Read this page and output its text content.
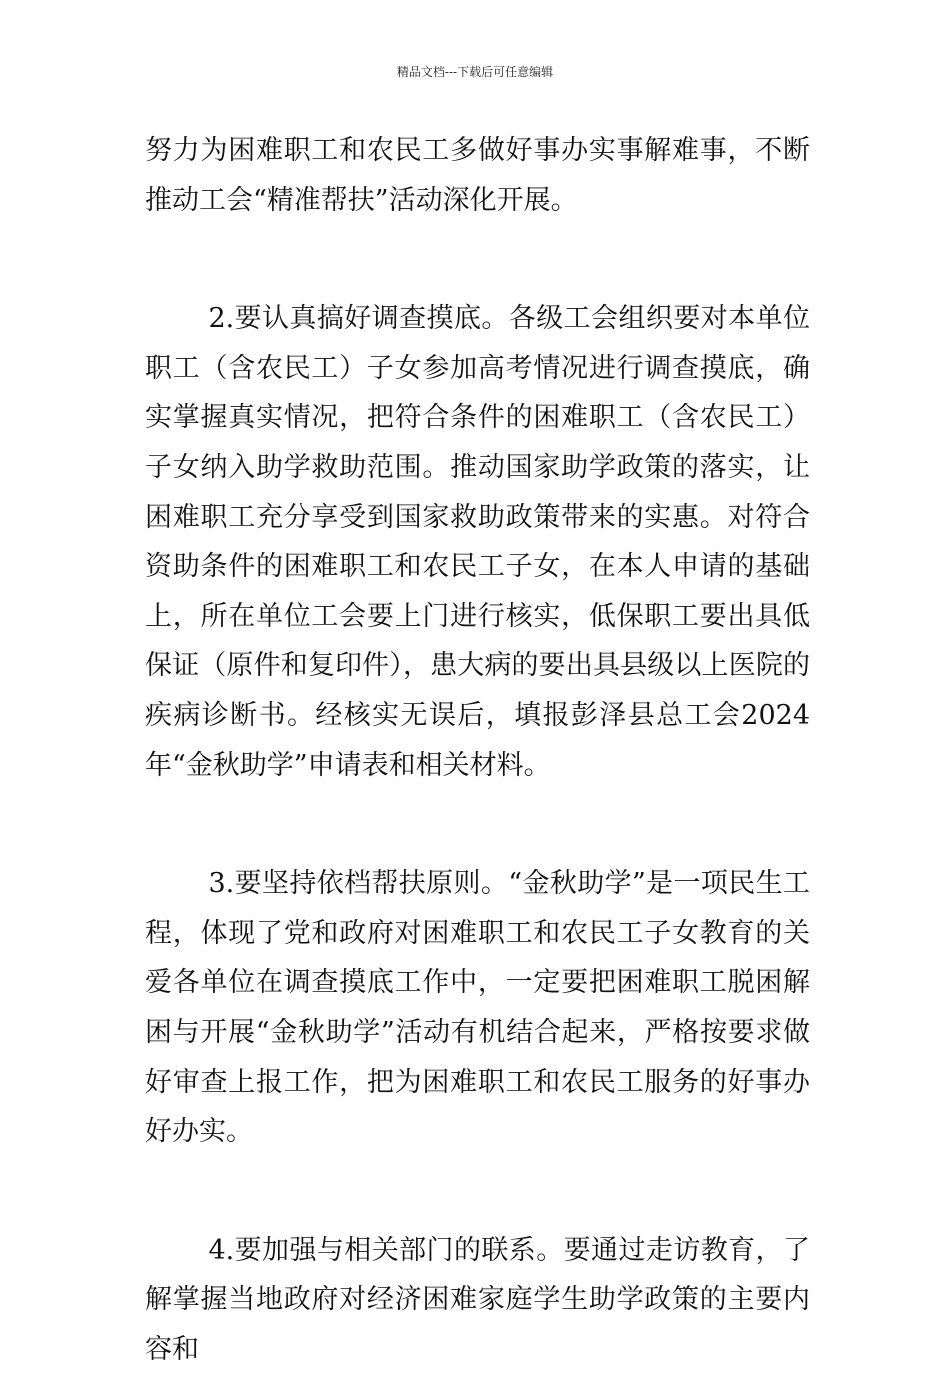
精品文档---下载后可任意编辑

努力为困难职工和农民工多做好事办实事解难事，不断推动工会“精准帮扶”活动深化开展。

2.要认真搞好调查摸底。各级工会组织要对本单位职工（含农民工）子女参加高考情况进行调查摸底，确实掌握真实情况，把符合条件的困难职工（含农民工）子女纳入助学救助范围。推动国家助学政策的落实，让困难职工充分享受到国家救助政策带来的实惠。对符合资助条件的困难职工和农民工子女，在本人申请的基础上，所在单位工会要上门进行核实，低保职工要出具低保证（原件和复印件），患大病的要出具县级以上医院的疾病诊断书。经核实无误后，填报彭泽县总工会2024年“金秋助学”申请表和相关材料。

3.要坚持依档帮扶原则。“金秋助学”是一项民生工程，体现了党和政府对困难职工和农民工子女教育的关爱各单位在调查摸底工作中，一定要把困难职工脱困解困与开展“金秋助学”活动有机结合起来，严格按要求做好审查上报工作，把为困难职工和农民工服务的好事办好办实。

4.要加强与相关部门的联系。要通过走访教育，了解掌握当地政府对经济困难家庭学生助学政策的主要内容和
